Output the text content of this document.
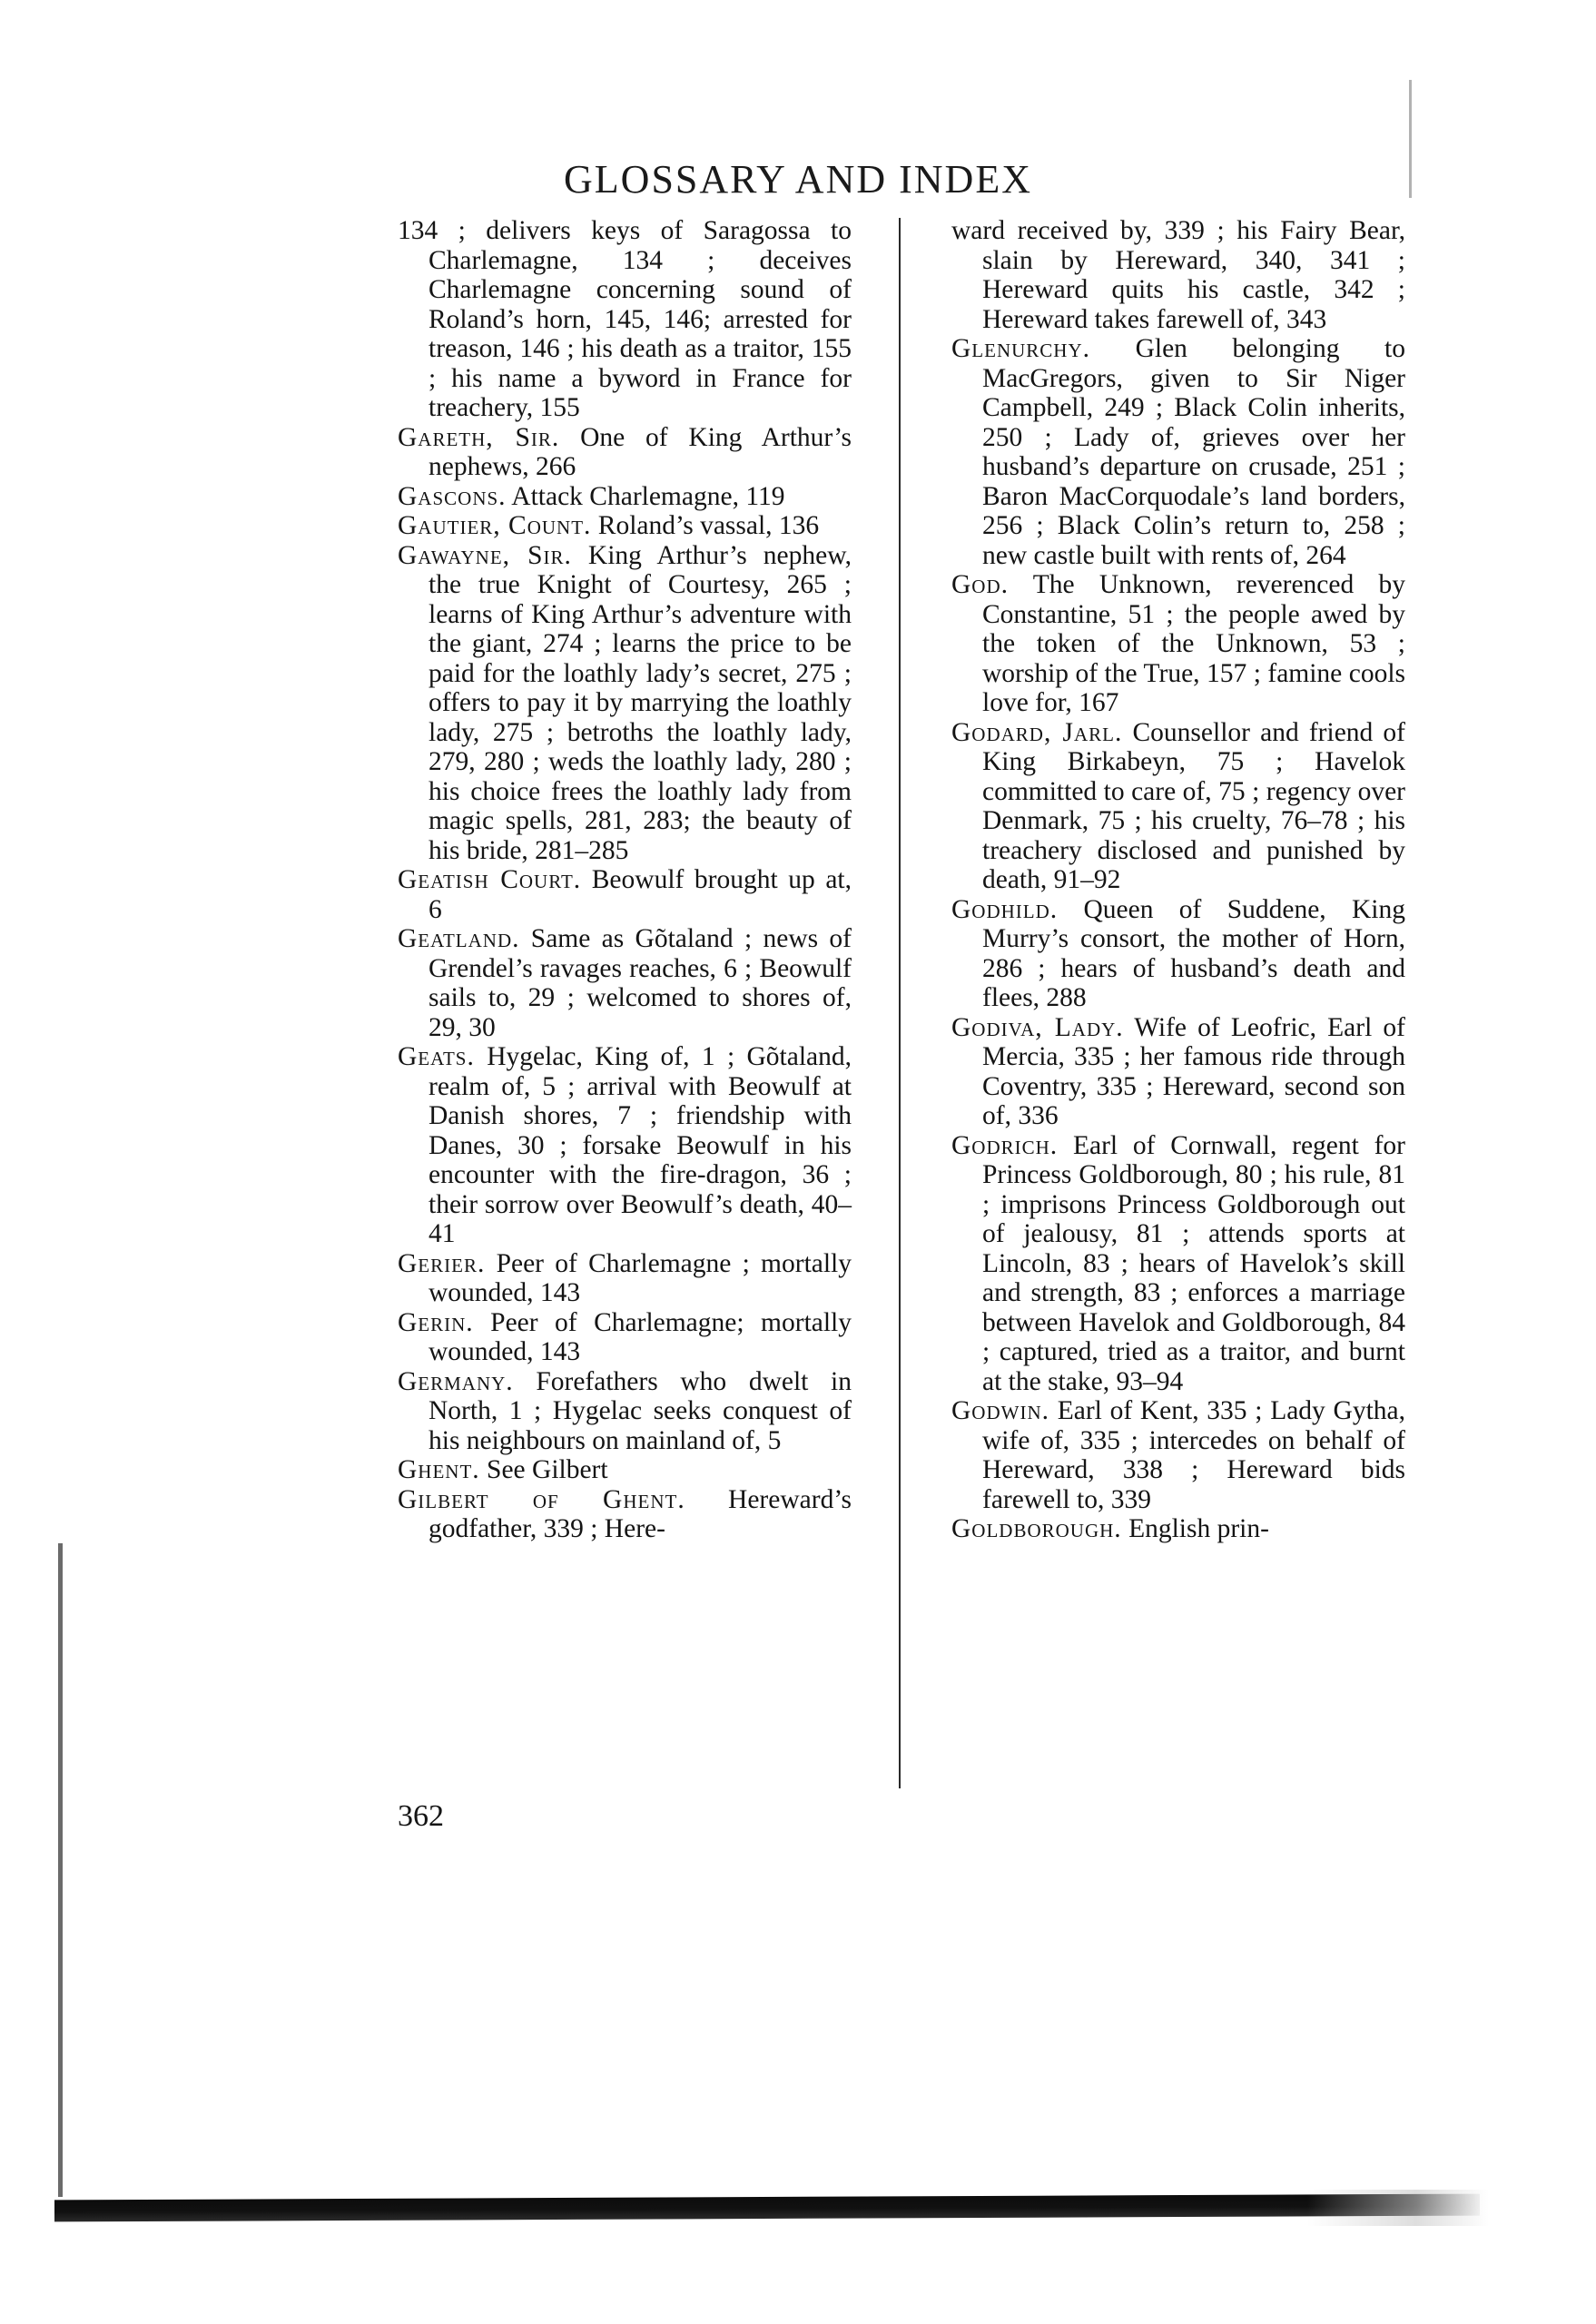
GLOSSARY AND INDEX

134 ; delivers keys of Saragossa to Charlemagne, 134 ; deceives Charlemagne concerning sound of Roland’s horn, 145, 146; arrested for treason, 146 ; his death as a traitor, 155 ; his name a byword in France for treachery, 155

Gareth, Sir. One of King Arthur’s nephews, 266

Gascons. Attack Charlemagne, 119

Gautier, Count. Roland’s vassal, 136

Gawayne, Sir. King Arthur’s nephew, the true Knight of Courtesy, 265 ; learns of King Arthur’s adventure with the giant, 274 ; learns the price to be paid for the loathly lady’s secret, 275 ; offers to pay it by marrying the loathly lady, 275 ; betroths the loathly lady, 279, 280 ; weds the loathly lady, 280 ; his choice frees the loathly lady from magic spells, 281, 283; the beauty of his bride, 281–285

Geatish Court. Beowulf brought up at, 6

Geatland. Same as Gõtaland ; news of Grendel’s ravages reaches, 6 ; Beowulf sails to, 29 ; welcomed to shores of, 29, 30

Geats. Hygelac, King of, 1 ; Gõtaland, realm of, 5 ; arrival with Beowulf at Danish shores, 7 ; friendship with Danes, 30 ; forsake Beowulf in his encounter with the fire-dragon, 36 ; their sorrow over Beowulf’s death, 40–41

Gerier. Peer of Charlemagne ; mortally wounded, 143

Gerin. Peer of Charlemagne; mortally wounded, 143

Germany. Forefathers who dwelt in North, 1 ; Hygelac seeks conquest of his neighbours on mainland of, 5

Ghent. See Gilbert

Gilbert of Ghent. Hereward’s godfather, 339 ; Here-

ward received by, 339 ; his Fairy Bear, slain by Hereward, 340, 341 ; Hereward quits his castle, 342 ; Hereward takes farewell of, 343

Glenurchy. Glen belonging to MacGregors, given to Sir Niger Campbell, 249 ; Black Colin inherits, 250 ; Lady of, grieves over her husband’s departure on crusade, 251 ; Baron MacCorquodale’s land borders, 256 ; Black Colin’s return to, 258 ; new castle built with rents of, 264

God. The Unknown, reverenced by Constantine, 51 ; the people awed by the token of the Unknown, 53 ; worship of the True, 157 ; famine cools love for, 167

Godard, Jarl. Counsellor and friend of King Birkabeyn, 75 ; Havelok committed to care of, 75 ; regency over Denmark, 75 ; his cruelty, 76–78 ; his treachery disclosed and punished by death, 91–92

Godhild. Queen of Suddene, King Murry’s consort, the mother of Horn, 286 ; hears of husband’s death and flees, 288

Godiva, Lady. Wife of Leofric, Earl of Mercia, 335 ; her famous ride through Coventry, 335 ; Hereward, second son of, 336

Godrich. Earl of Cornwall, regent for Princess Goldborough, 80 ; his rule, 81 ; imprisons Princess Goldborough out of jealousy, 81 ; attends sports at Lincoln, 83 ; hears of Havelok’s skill and strength, 83 ; enforces a marriage between Havelok and Goldborough, 84 ; captured, tried as a traitor, and burnt at the stake, 93–94

Godwin. Earl of Kent, 335 ; Lady Gytha, wife of, 335 ; intercedes on behalf of Hereward, 338 ; Hereward bids farewell to, 339

Goldborough. English prin-

362
